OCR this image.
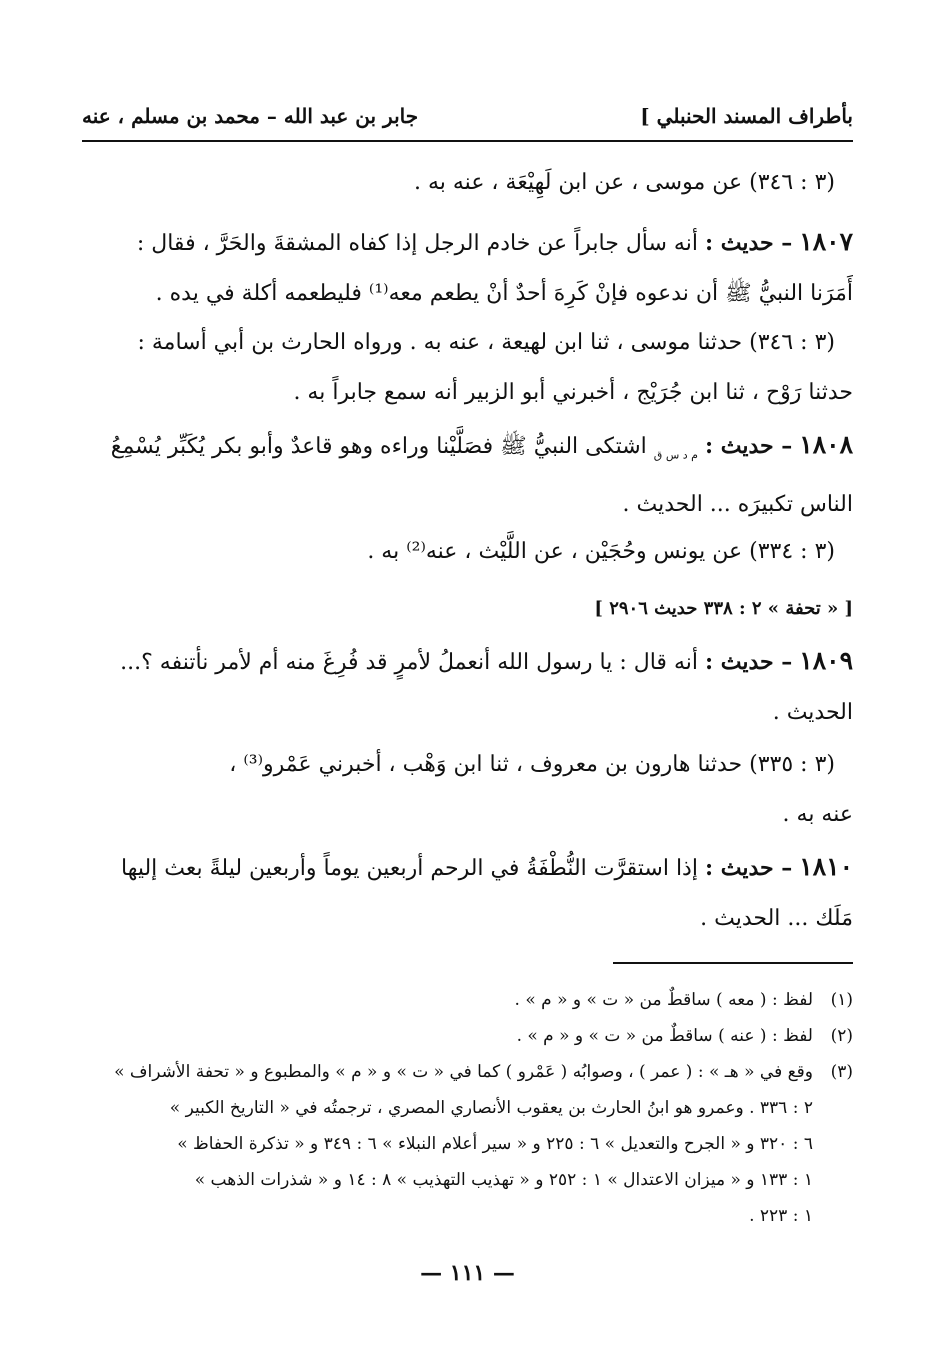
بأطراف المسند الحنبلي ]
جابر بن عبد الله – محمد بن مسلم ، عنه
(٣ : ٣٤٦) عن موسى ، عن ابن لَهِيْعَة ، عنه به .
١٨٠٧ – حديث : أنه سأل جابراً عن خادم الرجل إذا كفاه المشقةَ والحَرَّ ، فقال :
أَمَرَنا النبيُّ ﷺ أن ندعوه فإنْ كَرِهَ أحدٌ أنْ يطعم معه⁽¹⁾ فليطعمه أكلة في يده .
(٣ : ٣٤٦) حدثنا موسى ، ثنا ابن لهيعة ، عنه به . ورواه الحارث بن أبي أسامة :
حدثنا رَوْح ، ثنا ابن جُرَيْج ، أخبرني أبو الزبير أنه سمع جابراً به .
١٨٠٨ – حديث : $_{م د س ق}$ اشتكى النبيُّ ﷺ فصَلَّيْنا وراءه وهو قاعدٌ وأبو بكر يُكَبِّر يُسْمِعُ
الناس تكبيرَه ... الحديث .
(٣ : ٣٣٤) عن يونس وحُجَيْن ، عن اللَّيْث ، عنه⁽²⁾ به .
[ « تحفة » ٢ : ٣٣٨ حديث ٢٩٠٦ ]
١٨٠٩ – حديث : أنه قال : يا رسول الله أنعملُ لأمرٍ قد فُرِغَ منه أم لأمر نأتنفه ؟...
الحديث .
(٣ : ٣٣٥) حدثنا هارون بن معروف ، ثنا ابن وَهْب ، أخبرني عَمْرو⁽³⁾ ،
عنه به .
١٨١٠ – حديث : إذا استقرَّت النُّطْفَةُ في الرحم أربعين يوماً وأربعين ليلةً بعث إليها
مَلَك ... الحديث .
(١)لفظ : ( معه ) ساقطٌ من « ت » و « م » .
(٢)لفظ : ( عنه ) ساقطٌ من « ت » و « م » .
(٣)وقع في « هـ » : ( عمر ) ، وصوابُه ( عَمْرو ) كما في « ت » و « م » والمطبوع و « تحفة الأشراف »
٢ : ٣٣٦ . وعمرو هو ابنُ الحارث بن يعقوب الأنصاري المصري ، ترجمتُه في « التاريخ الكبير »
٦ : ٣٢٠ و « الجرح والتعديل » ٦ : ٢٢٥ و « سير أعلام النبلاء » ٦ : ٣٤٩ و « تذكرة الحفاظ »
١ : ١٣٣ و « ميزان الاعتدال » ١ : ٢٥٢ و « تهذيب التهذيب » ٨ : ١٤ و « شذرات الذهب »
١ : ٢٢٣ .
— ١١١ —
